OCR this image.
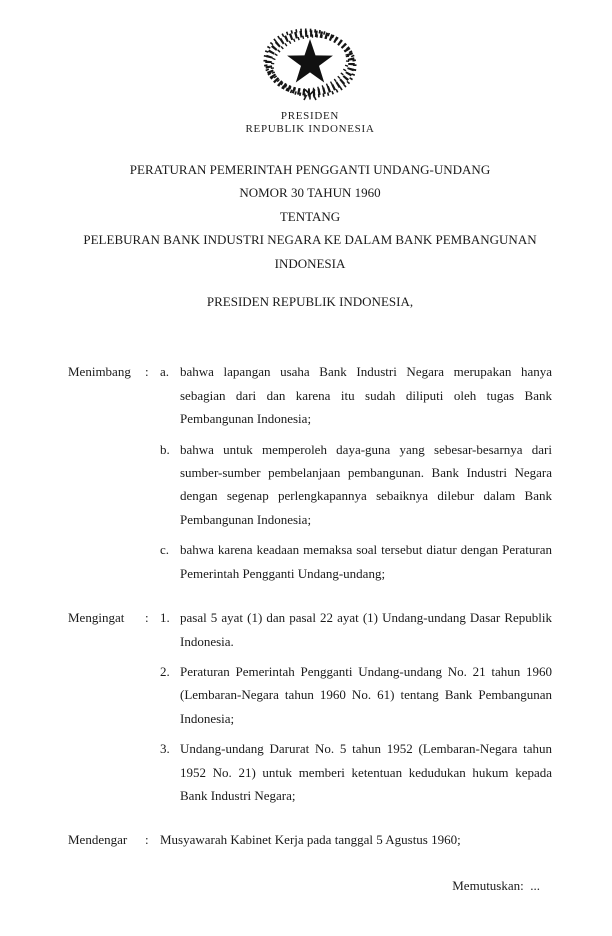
PRESIDEN
REPUBLIK INDONESIA
PERATURAN PEMERINTAH PENGGANTI UNDANG-UNDANG
NOMOR 30 TAHUN 1960
TENTANG
PELEBURAN BANK INDUSTRI NEGARA KE DALAM BANK PEMBANGUNAN
INDONESIA
PRESIDEN REPUBLIK INDONESIA,
Menimbang	: a. bahwa lapangan usaha Bank Industri Negara merupakan hanya sebagian dari dan karena itu sudah diliputi oleh tugas Bank Pembangunan Indonesia;
b. bahwa untuk memperoleh daya-guna yang sebesar-besarnya dari sumber-sumber pembelanjaan pembangunan. Bank Industri Negara dengan segenap perlengkapannya sebaiknya dilebur dalam Bank Pembangunan Indonesia;
c. bahwa karena keadaan memaksa soal tersebut diatur dengan Peraturan Pemerintah Pengganti Undang-undang;
Mengingat	: 1. pasal 5 ayat (1) dan pasal 22 ayat (1) Undang-undang Dasar Republik Indonesia.
2. Peraturan Pemerintah Pengganti Undang-undang No. 21 tahun 1960 (Lembaran-Negara tahun 1960 No. 61) tentang Bank Pembangunan Indonesia;
3. Undang-undang Darurat No. 5 tahun 1952 (Lembaran-Negara tahun 1952 No. 21) untuk memberi ketentuan kedudukan hukum kepada Bank Industri Negara;
Mendengar	: Musyawarah Kabinet Kerja pada tanggal 5 Agustus 1960;
Memutuskan:  ...
